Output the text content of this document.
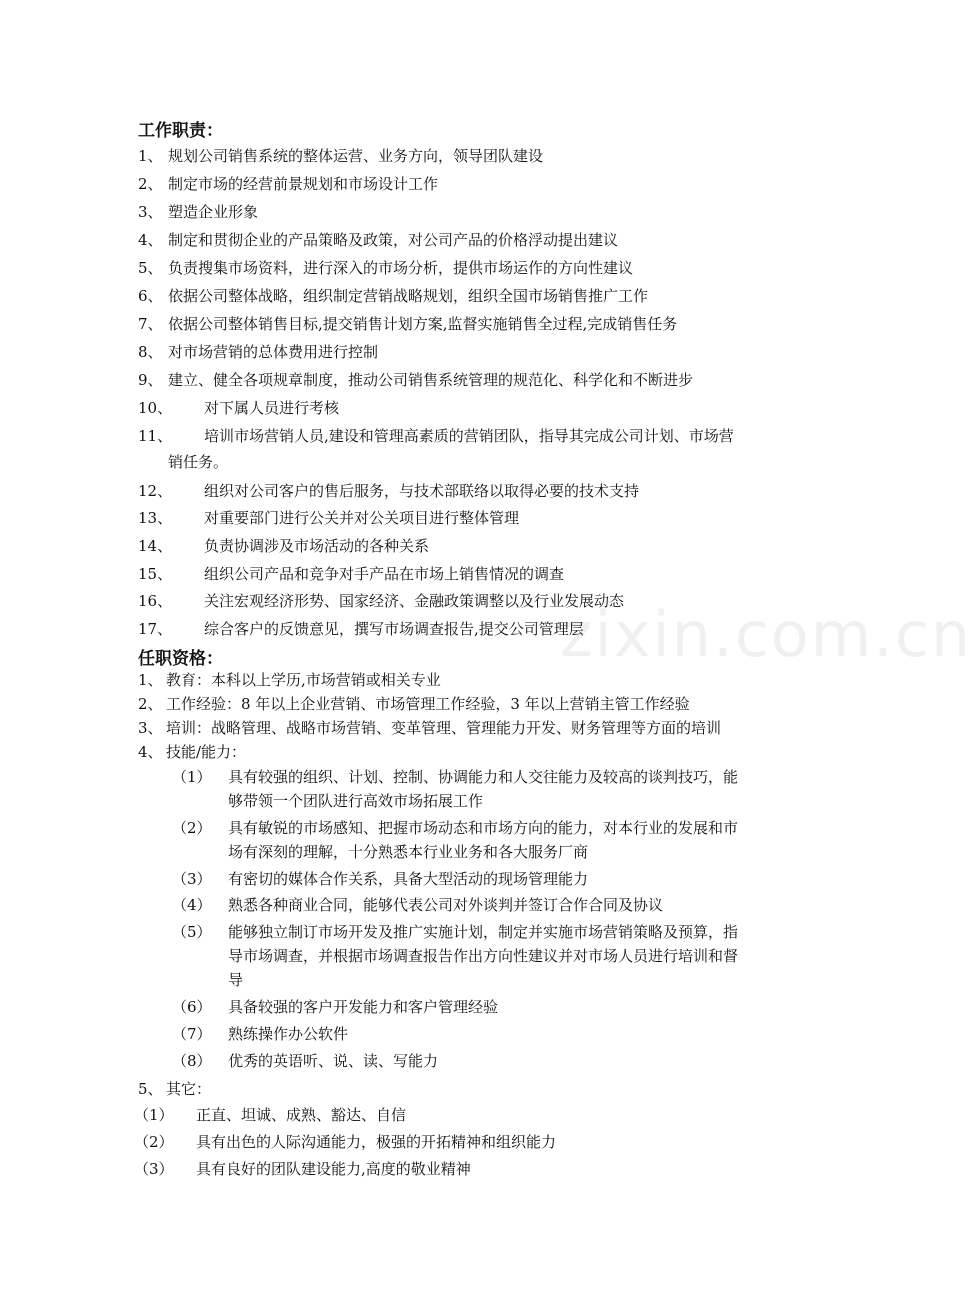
zixin.com.cn
工作职责：
1、 规划公司销售系统的整体运营、业务方向，领导团队建设
2、 制定市场的经营前景规划和市场设计工作
3、 塑造企业形象
4、 制定和贯彻企业的产品策略及政策，对公司产品的价格浮动提出建议
5、 负责搜集市场资料，进行深入的市场分析，提供市场运作的方向性建议
6、 依据公司整体战略，组织制定营销战略规划，组织全国市场销售推广工作
7、 依据公司整体销售目标,提交销售计划方案,监督实施销售全过程,完成销售任务
8、 对市场营销的总体费用进行控制
9、 建立、健全各项规章制度，推动公司销售系统管理的规范化、科学化和不断进步
10、 对下属人员进行考核
11、 培训市场营销人员,建设和管理高素质的营销团队，指导其完成公司计划、市场营
销任务。
12、 组织对公司客户的售后服务，与技术部联络以取得必要的技术支持
13、 对重要部门进行公关并对公关项目进行整体管理
14、 负责协调涉及市场活动的各种关系
15、 组织公司产品和竞争对手产品在市场上销售情况的调查
16、 关注宏观经济形势、国家经济、金融政策调整以及行业发展动态
17、 综合客户的反馈意见，撰写市场调查报告,提交公司管理层
任职资格：
1、 教育：本科以上学历,市场营销或相关专业
2、 工作经验：8 年以上企业营销、市场管理工作经验，3 年以上营销主管工作经验
3、 培训：战略管理、战略市场营销、变革管理、管理能力开发、财务管理等方面的培训
4、 技能/能力：
（1） 具有较强的组织、计划、控制、协调能力和人交往能力及较高的谈判技巧，能
够带领一个团队进行高效市场拓展工作
（2） 具有敏锐的市场感知、把握市场动态和市场方向的能力，对本行业的发展和市
场有深刻的理解，十分熟悉本行业业务和各大服务厂商
（3） 有密切的媒体合作关系，具备大型活动的现场管理能力
（4） 熟悉各种商业合同，能够代表公司对外谈判并签订合作合同及协议
（5） 能够独立制订市场开发及推广实施计划，制定并实施市场营销策略及预算，指
导市场调查，并根据市场调查报告作出方向性建议并对市场人员进行培训和督
导
（6） 具备较强的客户开发能力和客户管理经验
（7） 熟练操作办公软件
（8） 优秀的英语听、说、读、写能力
5、 其它：
（1） 正直、坦诚、成熟、豁达、自信
（2） 具有出色的人际沟通能力，极强的开拓精神和组织能力
（3） 具有良好的团队建设能力,高度的敬业精神
